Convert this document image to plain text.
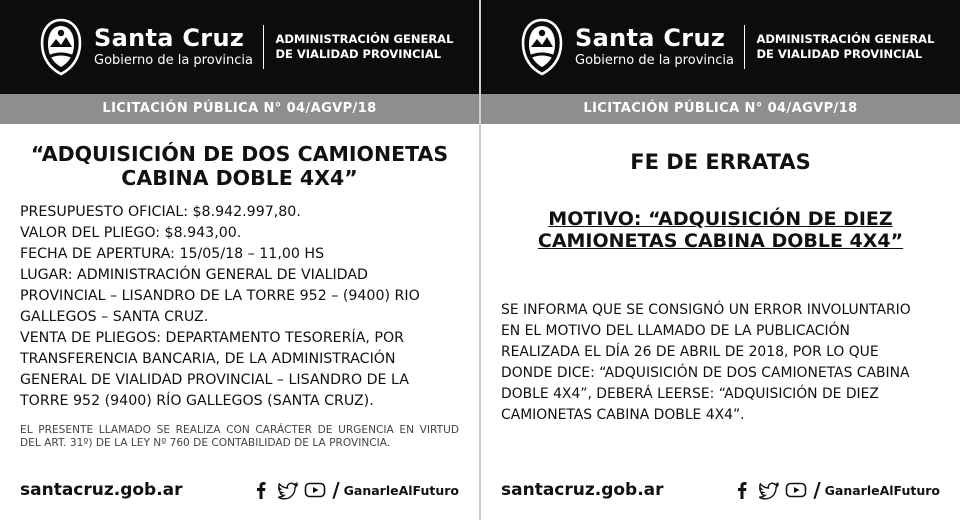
Santa Cruz
Gobierno de la provincia
ADMINISTRACIÓN GENERAL
DE VIALIDAD PROVINCIAL
LICITACIÓN PÚBLICA N° 04/AGVP/18
“ADQUISICIÓN DE DOS CAMIONETAS
CABINA DOBLE 4X4”
PRESUPUESTO OFICIAL: $8.942.997,80.
VALOR DEL PLIEGO: $8.943,00.
FECHA DE APERTURA: 15/05/18 – 11,00 HS
LUGAR: ADMINISTRACIÓN GENERAL DE VIALIDAD
PROVINCIAL – LISANDRO DE LA TORRE 952 – (9400) RIO
GALLEGOS – SANTA CRUZ.
VENTA DE PLIEGOS: DEPARTAMENTO TESORERÍA, POR
TRANSFERENCIA BANCARIA, DE LA ADMINISTRACIÓN
GENERAL DE VIALIDAD PROVINCIAL – LISANDRO DE LA
TORRE 952 (9400) RÍO GALLEGOS (SANTA CRUZ).
EL PRESENTE LLAMADO SE REALIZA CON CARÁCTER DE URGENCIA EN VIRTUD DEL ART. 31º) DE LA LEY Nº 760 DE CONTABILIDAD DE LA PROVINCIA.
santacruz.gob.ar	/ GanarleAlFuturo
Santa Cruz
Gobierno de la provincia
ADMINISTRACIÓN GENERAL
DE VIALIDAD PROVINCIAL
LICITACIÓN PÚBLICA N° 04/AGVP/18
FE DE ERRATAS
MOTIVO: “ADQUISICIÓN DE DIEZ
CAMIONETAS CABINA DOBLE 4X4”
SE INFORMA QUE SE CONSIGNÓ UN ERROR INVOLUNTARIO
EN EL MOTIVO DEL LLAMADO DE LA PUBLICACIÓN
REALIZADA EL DÍA 26 DE ABRIL DE 2018, POR LO QUE
DONDE DICE: “ADQUISICIÓN DE DOS CAMIONETAS CABINA
DOBLE 4X4”, DEBERÁ LEERSE: “ADQUISICIÓN DE DIEZ
CAMIONETAS CABINA DOBLE 4X4”.
santacruz.gob.ar	/ GanarleAlFuturo
